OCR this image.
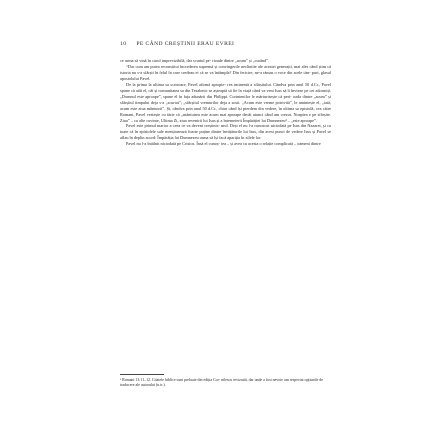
10 PE CÂND CREȘTINII ERAU EVREI

ce urma să vină în curul imprevizibilă, dar scurtul pe- rioade dintre „acum” și „curând”.

“Dar cum am putea reconstitui încrederea supremă și convingerile neclintite ale acestei generații, mai ales când știm că istoria nu s-a sfârșit în felul în care credeau ei că se va întâmpla? Din fericire, ne-a rămas o voce din acele tim- puri, glasul apostolului Pavel.

De la prima la ultima sa scrisoare, Pavel afirmă apropie- rea iminentă a sfârșitului. Cândva prin anul 50 d.Cr., Pavel spune că atât el, cât și comunitatea sa din Tesalonic se așteaptă să fie în viață când va veni Isus să îi învieze pe cei adormiți. „Domnul este aproape”, spune el în fața adunării din Philippi. Corintenilor le mărturisește că peri- oada dintre „acum” și sfârșitul timpului deja s-a „scurtat”; „sfârșitul vremurilor deja a sosit. „Acum este vreme potrivită”, le amintește el, „iată, acum este ziua mântuirii”. Și, cândva prin anul 50 d.Cr., chiar când își pierdem din vedere, în ultima sa epistolă, cea către Romani, Pavel vestește cu tărie că „mântuirea este acum mai aproape decât atunci când am crezut. Noaptea e pe sfârșite. Ziua” – cu alte cuvinte, Ultima Zi, ziua revenirii lui Isus și a întemeierii Împărăției lui Dumnezeu³ – „este aproape”.

Pavel este primul martor a ceea ce va deveni creștinis- mul. Deși el nu l-a cunoscut niciodată pe Isus din Nazaret, și cu toate că în epistolele sale menționează foarte puține dintre învățăturile lui Isus, din acest punct de vedere Isus și Pavel se aflau în deplin acord: Împărăția lui Dumnezeu urma să își facă apariția în zilele lor.

Pavel nu l-a întâlnit niciodată pe Cristos. Însă el cunoș- tea – și avea cu acesta o relație complicată – oameni dintre

³ Romani 13:11–12. Citatele biblice sunt preluate din ediția Cor- nilescu revizuită, dar unde a fost nevoie am respectat opțiunile de traducere ale autorului (n.tr.).
